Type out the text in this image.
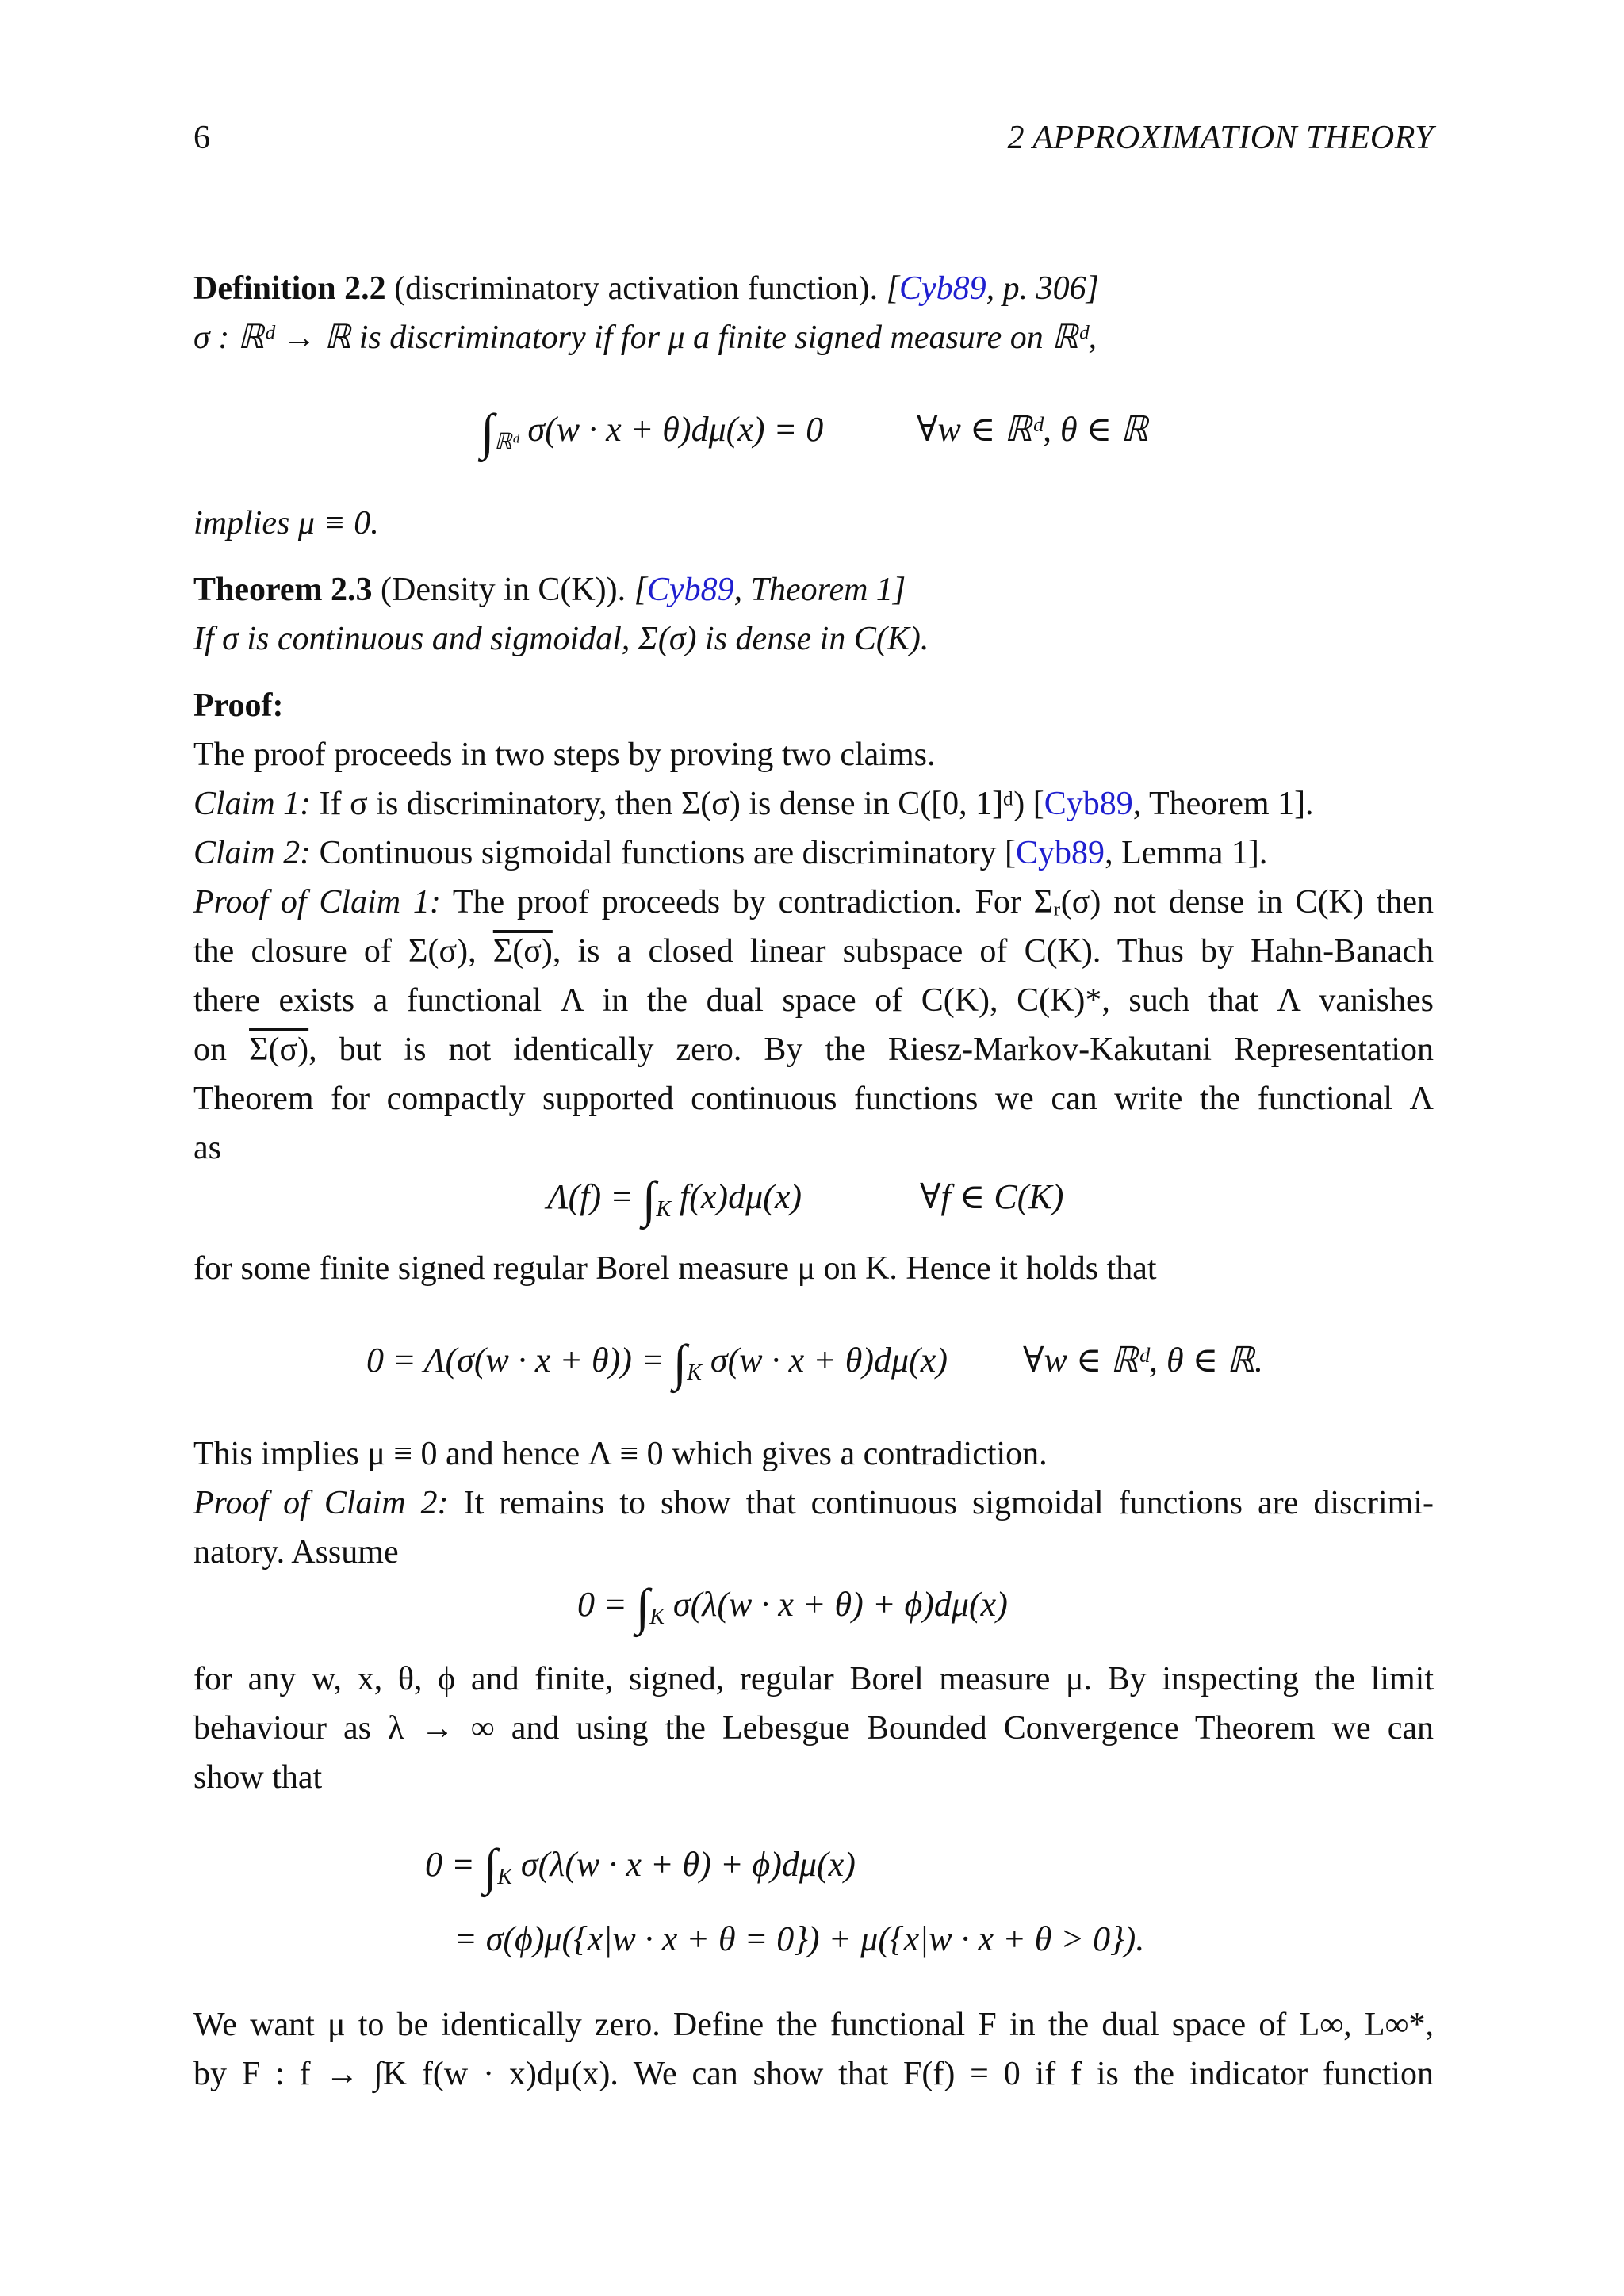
6	2 APPROXIMATION THEORY
Definition 2.2 (discriminatory activation function). [Cyb89, p. 306]
σ : ℝᵈ → ℝ is discriminatory if for μ a finite signed measure on ℝᵈ,
$\int_{ℝᵈ}$ σ(w · x + θ)dμ(x) = 0	∀w ∈ ℝᵈ, θ ∈ ℝ
implies μ ≡ 0.
Theorem 2.3 (Density in C(K)). [Cyb89, Theorem 1]
If σ is continuous and sigmoidal, Σ(σ) is dense in C(K).
Proof:
The proof proceeds in two steps by proving two claims.
Claim 1: If σ is discriminatory, then Σ(σ) is dense in C([0, 1]ᵈ) [Cyb89, Theorem 1].
Claim 2: Continuous sigmoidal functions are discriminatory [Cyb89, Lemma 1].
Proof of Claim 1: The proof proceeds by contradiction. For Σᵣ(σ) not dense in C(K) then
the closure of Σ(σ), Σ(σ), is a closed linear subspace of C(K). Thus by Hahn-Banach
there exists a functional Λ in the dual space of C(K), C(K)*, such that Λ vanishes
on Σ(σ), but is not identically zero. By the Riesz-Markov-Kakutani Representation
Theorem for compactly supported continuous functions we can write the functional Λ
as
$\Lambda(f) = \int_K$ f(x)dμ(x)	∀f ∈ C(K)
for some finite signed regular Borel measure μ on K. Hence it holds that
$0 = \Lambda(\sigma(w \cdot x + \theta)) = \int_K$ σ(w · x + θ)dμ(x) ∀w ∈ ℝᵈ, θ ∈ ℝ.
This implies μ ≡ 0 and hence Λ ≡ 0 which gives a contradiction.
Proof of Claim 2: It remains to show that continuous sigmoidal functions are discrimi-
natory. Assume
$0 = \int_K$ σ(λ(w · x + θ) + ϕ)dμ(x)
for any w, x, θ, ϕ and finite, signed, regular Borel measure μ. By inspecting the limit
behaviour as λ → ∞ and using the Lebesgue Bounded Convergence Theorem we can
show that
$0 = \int_K$ σ(λ(w · x + θ) + ϕ)dμ(x)
= σ(ϕ)μ({x|w · x + θ = 0}) + μ({x|w · x + θ > 0}).
We want μ to be identically zero. Define the functional F in the dual space of L∞, L∞*,
by F : f → ∫K f(w · x)dμ(x). We can show that F(f) = 0 if f is the indicator function
